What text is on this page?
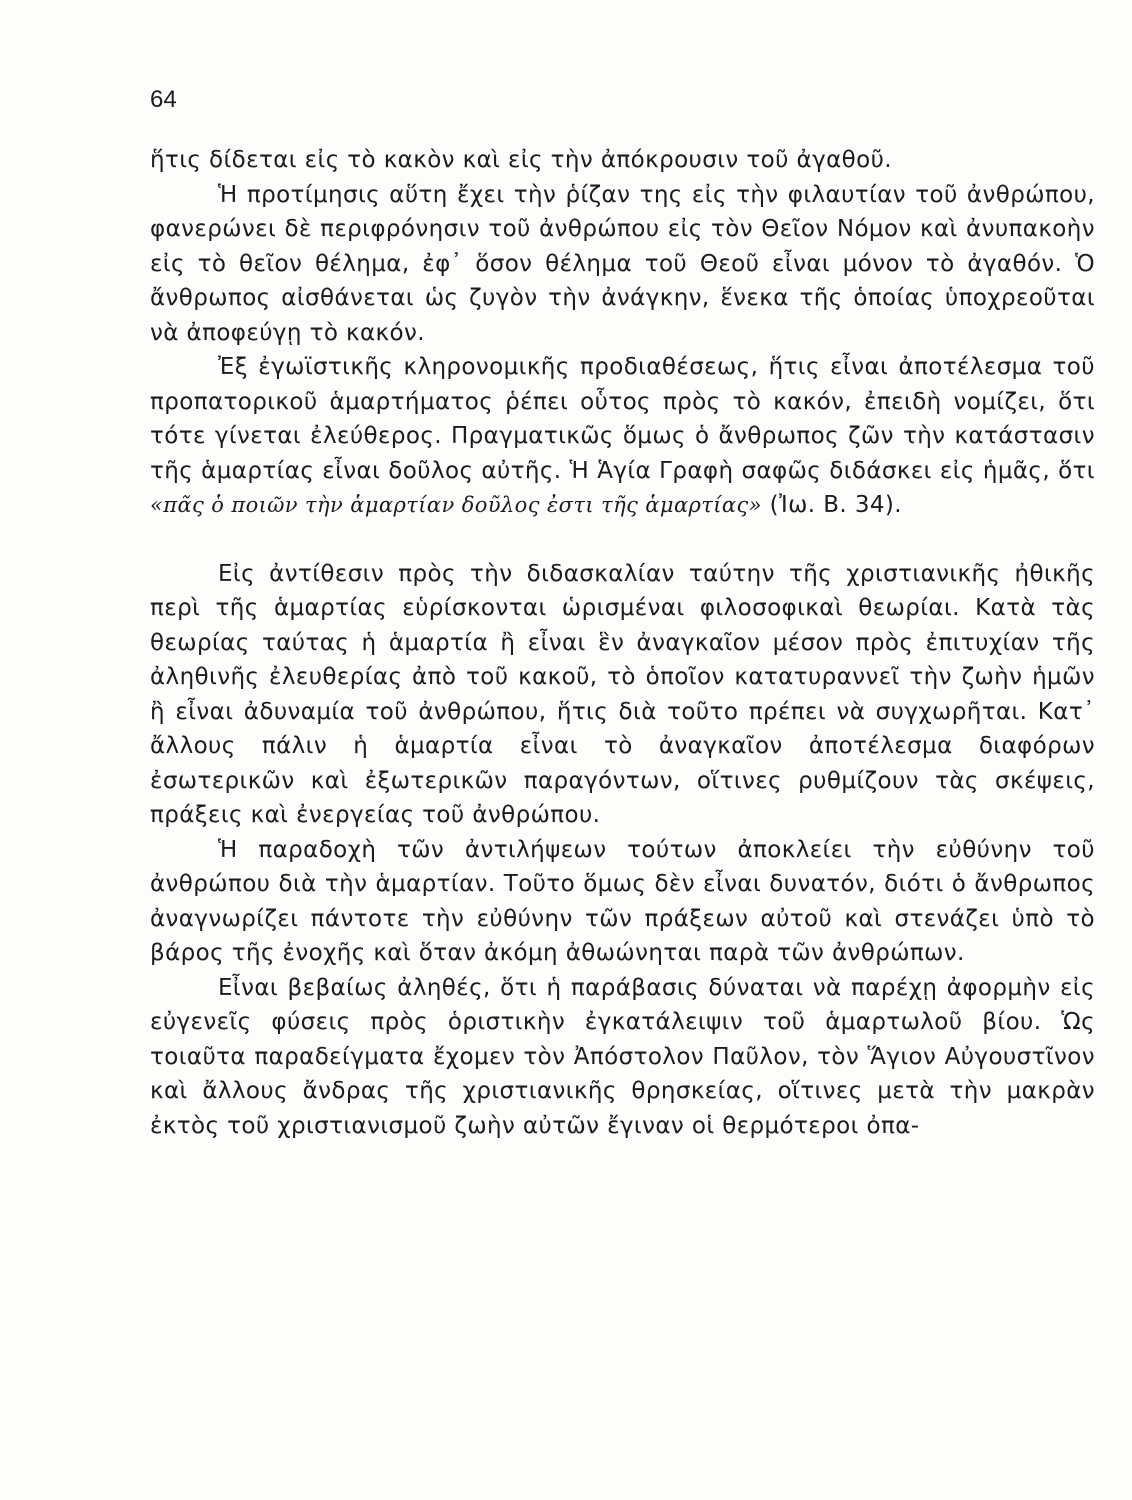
64

ἥτις δίδεται εἰς τὸ κακὸν καὶ εἰς τὴν ἀπόκρουσιν τοῦ ἀγαθοῦ.

Ἡ προτίμησις αὕτη ἔχει τὴν ῥίζαν της εἰς τὴν φιλαυτίαν τοῦ ἀνθρώπου, φανερώνει δὲ περιφρόνησιν τοῦ ἀνθρώπου εἰς τὸν Θεῖον Νόμον καὶ ἀνυπακοὴν εἰς τὸ θεῖον θέλημα, ἐφ᾽ ὅσον θέλημα τοῦ Θεοῦ εἶναι μόνον τὸ ἀγαθόν. Ὁ ἄνθρωπος αἰσθάνεται ὡς ζυγὸν τὴν ἀνάγκην, ἕνεκα τῆς ὁποίας ὑποχρεοῦται νὰ ἀποφεύγῃ τὸ κακόν.

Ἐξ ἐγωϊστικῆς κληρονομικῆς προδιαθέσεως, ἥτις εἶναι ἀποτέλεσμα τοῦ προπατορικοῦ ἁμαρτήματος ῥέπει οὗτος πρὸς τὸ κακόν, ἐπειδὴ νομίζει, ὅτι τότε γίνεται ἐλεύθερος. Πραγματικῶς ὅμως ὁ ἄνθρωπος ζῶν τὴν κατάστασιν τῆς ἁμαρτίας εἶναι δοῦλος αὐτῆς. Ἡ Ἁγία Γραφὴ σαφῶς διδάσκει εἰς ἡμᾶς, ὅτι «πᾶς ὁ ποιῶν τὴν ἁμαρτίαν δοῦλος ἐστι τῆς ἁμαρτίας» (Ἰω. Β. 34).

Εἰς ἀντίθεσιν πρὸς τὴν διδασκαλίαν ταύτην τῆς χριστιανικῆς ἠθικῆς περὶ τῆς ἁμαρτίας εὑρίσκονται ὡρισμέναι φιλοσοφικαὶ θεωρίαι. Κατὰ τὰς θεωρίας ταύτας ἡ ἁμαρτία ἢ εἶναι ἓν ἀναγκαῖον μέσον πρὸς ἐπιτυχίαν τῆς ἀληθινῆς ἐλευθερίας ἀπὸ τοῦ κακοῦ, τὸ ὁποῖον κατατυραννεῖ τὴν ζωὴν ἡμῶν ἢ εἶναι ἀδυναμία τοῦ ἀνθρώπου, ἥτις διὰ τοῦτο πρέπει νὰ συγχωρῆται. Κατ᾽ ἄλλους πάλιν ἡ ἁμαρτία εἶναι τὸ ἀναγκαῖον ἀποτέλεσμα διαφόρων ἐσωτερικῶν καὶ ἐξωτερικῶν παραγόντων, οἵτινες ρυθμίζουν τὰς σκέψεις, πράξεις καὶ ἐνεργείας τοῦ ἀνθρώπου.

Ἡ παραδοχὴ τῶν ἀντιλήψεων τούτων ἀποκλείει τὴν εὐθύνην τοῦ ἀνθρώπου διὰ τὴν ἁμαρτίαν. Τοῦτο ὅμως δὲν εἶναι δυνατόν, διότι ὁ ἄνθρωπος ἀναγνωρίζει πάντοτε τὴν εὐθύνην τῶν πράξεων αὐτοῦ καὶ στενάζει ὑπὸ τὸ βάρος τῆς ἐνοχῆς καὶ ὅταν ἀκόμη ἀθωώνηται παρὰ τῶν ἀνθρώπων.

Εἶναι βεβαίως ἀληθές, ὅτι ἡ παράβασις δύναται νὰ παρέχῃ ἀφορμὴν εἰς εὐγενεῖς φύσεις πρὸς ὁριστικὴν ἐγκατάλειψιν τοῦ ἁμαρτωλοῦ βίου. Ὡς τοιαῦτα παραδείγματα ἔχομεν τὸν Ἀπόστολον Παῦλον, τὸν Ἅγιον Αὐγουστῖνον καὶ ἄλλους ἄνδρας τῆς χριστιανικῆς θρησκείας, οἵτινες μετὰ τὴν μακρὰν ἐκτὸς τοῦ χριστιανισμοῦ ζωὴν αὐτῶν ἔγιναν οἱ θερμότεροι ὀπα-
